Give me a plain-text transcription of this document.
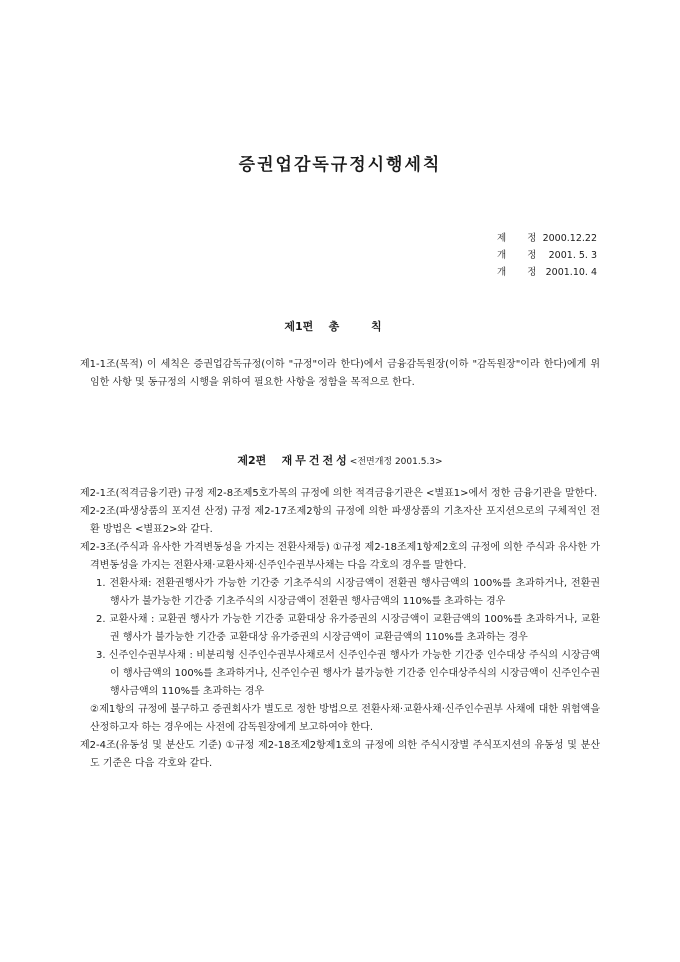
증권업감독규정시행세칙
제 정
2000.12.22
개 정 2001. 5. 3
개 정 2001.10. 4
제1편 총 칙

제1-1조(목적) 이 세칙은 증권업감독규정(이하 "규정"이라 한다)에서 금융감독원장(이하 "감독원장"이라 한다)에게 위임한 사항 및 동규정의 시행을 위하여 필요한 사항을 정함을 목적으로 한다.

제2편 재무건전성<전면개정 2001.5.3>

제2-1조(적격금융기관) 규정 제2-8조제5호가목의 규정에 의한 적격금융기관은 <별표1>에서 정한 금융기관을 말한다.

제2-2조(파생상품의 포지션 산정) 규정 제2-17조제2항의 규정에 의한 파생상품의 기초자산 포지션으로의 구체적인 전환 방법은 <별표2>와 같다.

제2-3조(주식과 유사한 가격변동성을 가지는 전환사채등) ①규정 제2-18조제1항제2호의 규정에 의한 주식과 유사한 가격변동성을 가지는 전환사채·교환사채·신주인수권부사채는 다음 각호의 경우를 말한다.

1. 전환사채: 전환권행사가 가능한 기간중 기초주식의 시장금액이 전환권 행사금액의 100%를 초과하거나, 전환권행사가 불가능한 기간중 기초주식의 시장금액이 전환권 행사금액의 110%를 초과하는 경우

2. 교환사채 : 교환권 행사가 가능한 기간중 교환대상 유가증권의 시장금액이 교환금액의 100%를 초과하거나, 교환권 행사가 불가능한 기간중 교환대상 유가증권의 시장금액이 교환금액의 110%를 초과하는 경우

3. 신주인수권부사채 : 비분리형 신주인수권부사채로서 신주인수권 행사가 가능한 기간중 인수대상 주식의 시장금액이 행사금액의 100%를 초과하거나, 신주인수권 행사가 불가능한 기간중 인수대상주식의 시장금액이 신주인수권 행사금액의 110%를 초과하는 경우

②제1항의 규정에 불구하고 증권회사가 별도로 정한 방법으로 전환사채·교환사채·신주인수권부 사채에 대한 위험액을 산정하고자 하는 경우에는 사전에 감독원장에게 보고하여야 한다.

제2-4조(유동성 및 분산도 기준) ①규정 제2-18조제2항제1호의 규정에 의한 주식시장별 주식포지션의 유동성 및 분산도 기준은 다음 각호와 같다.
